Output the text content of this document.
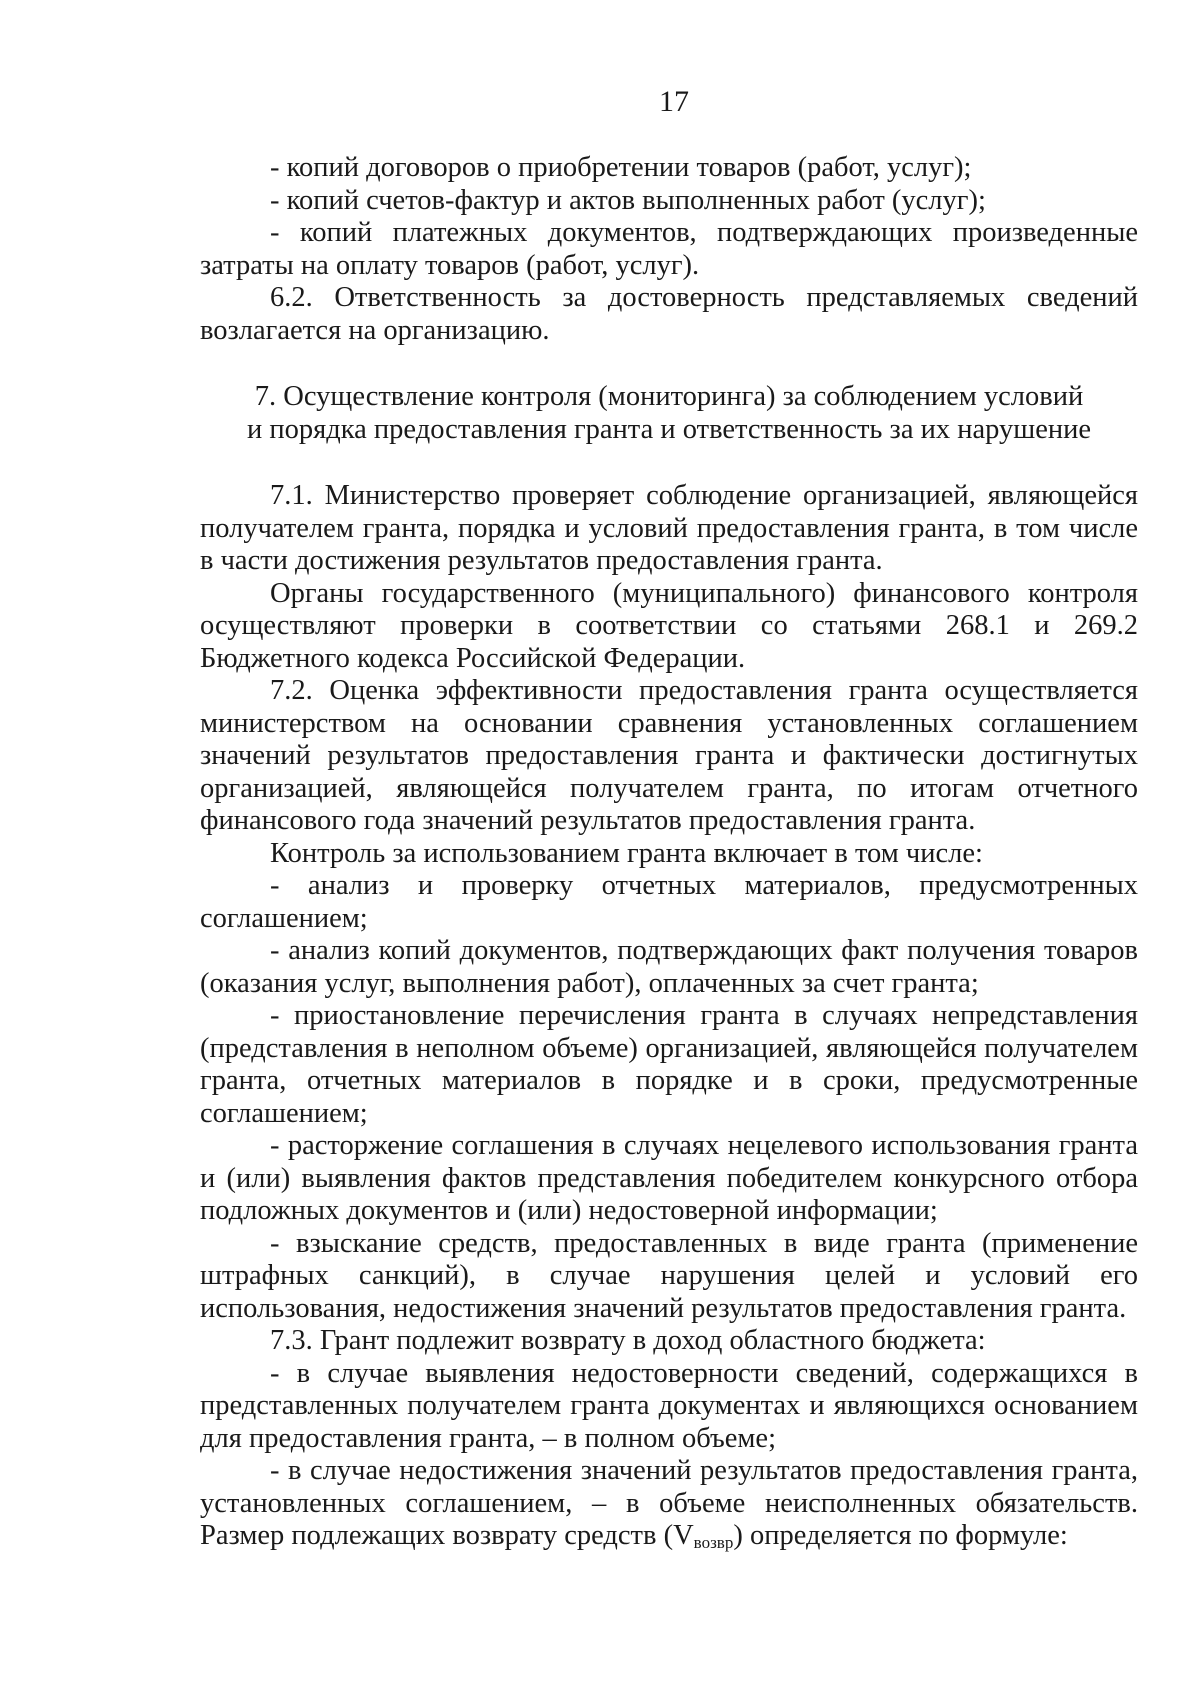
17

- копий договоров о приобретении товаров (работ, услуг);

- копий счетов-фактур и актов выполненных работ (услуг);

- копий платежных документов, подтверждающих произведенные затраты на оплату товаров (работ, услуг).

6.2. Ответственность за достоверность представляемых сведений возлагается на организацию.

7. Осуществление контроля (мониторинга) за соблюдением условий
и порядка предоставления гранта и ответственность за их нарушение

7.1. Министерство проверяет соблюдение организацией, являющейся получателем гранта, порядка и условий предоставления гранта, в том числе в части достижения результатов предоставления гранта.

Органы государственного (муниципального) финансового контроля осуществляют проверки в соответствии со статьями 268.1 и 269.2 Бюджетного кодекса Российской Федерации.

7.2. Оценка эффективности предоставления гранта осуществляется министерством на основании сравнения установленных соглашением значений результатов предоставления гранта и фактически достигнутых организацией, являющейся получателем гранта, по итогам отчетного финансового года значений результатов предоставления гранта.

Контроль за использованием гранта включает в том числе:

- анализ и проверку отчетных материалов, предусмотренных соглашением;

- анализ копий документов, подтверждающих факт получения товаров (оказания услуг, выполнения работ), оплаченных за счет гранта;

- приостановление перечисления гранта в случаях непредставления (представления в неполном объеме) организацией, являющейся получателем гранта, отчетных материалов в порядке и в сроки, предусмотренные соглашением;

- расторжение соглашения в случаях нецелевого использования гранта и (или) выявления фактов представления победителем конкурсного отбора подложных документов и (или) недостоверной информации;

- взыскание средств, предоставленных в виде гранта (применение штрафных санкций), в случае нарушения целей и условий его использования, недостижения значений результатов предоставления гранта.

7.3. Грант подлежит возврату в доход областного бюджета:

- в случае выявления недостоверности сведений, содержащихся в представленных получателем гранта документах и являющихся основанием для предоставления гранта, – в полном объеме;

- в случае недостижения значений результатов предоставления гранта, установленных соглашением, – в объеме неисполненных обязательств. Размер подлежащих возврату средств $(V_{возвр})$ определяется по формуле:
